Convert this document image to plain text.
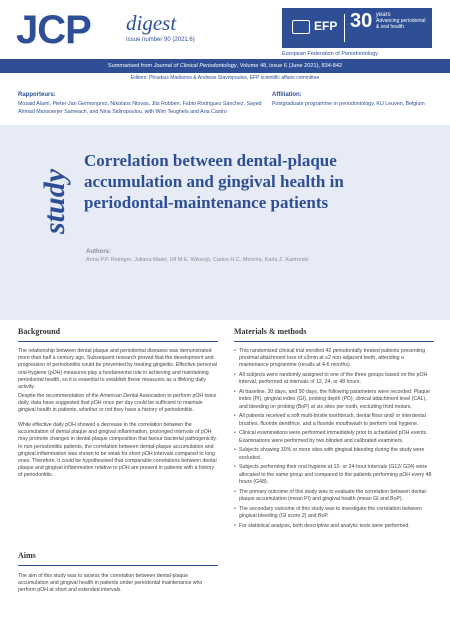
JCP digest
Issue number 90 (2021.6)
EFP 30 years
Advancing periodontal & oral health
European Federation of Periodontology
Summarised from Journal of Clinical Periodontology, Volume 48, issue 6 (June 2021), 834-842
Editors: Phoebus Madianos & Andreas Stavropoulos, EFP scientific affairs committee
Rapporteurs:
Mosaid Alami, Pieter-Jan Germonprez, Nikolaos Ntovas, Jits Robben, Fabio Rodriguez Sánchez, Sayed Ahmad Mansoerjer Sameach, and Nina Sidiropoulou, with Wim Teughels and Ana Castro
Affiliation:
Postgraduate programme in periodontology, KU Leuven, Belgium
study
Correlation between dental-plaque accumulation and gingival health in periodontal-maintenance patients
Authors:
Anna P.P. Reiniger, Juliana Maier, Ulf M.E. Wikesjö, Carlos H.C. Moreira, Karla Z. Kantorski
Background
The relationship between dental plaque and periodontal diseases was demonstrated more than half a century ago. Subsequent research proved that the development and progression of periodontitis could be prevented by treating gingivitis. Effective personal oral-hygiene (pOH) measures play a fundamental role in achieving and maintaining periodontal health, so it is essential to establish these measures as a lifelong daily activity.
Despite the recommendation of the American Dental Association to perform pOH twice daily, data have suggested that pOH once per day could be sufficient to maintain gingival health in patients, whether or not they have a history of periodontitis.
While effective daily pOH showed a decrease in the correlation between the accumulation of dental plaque and gingival inflammation, prolonged intervals of pOH may promote changes in dental-plaque composition that favour bacterial pathogenicity. In non-periodontitis patients, the correlation between dental-plaque accumulation and gingival inflammation was shown to be weak for short pOH intervals compared to long ones. Therefore, it could be hypothesised that comparable correlations between dental plaque and gingival inflammation relative to pOH are present in patients with a history of periodontitis.
Aims
The aim of this study was to assess the correlation between dental-plaque accumulation and gingival health in patients under periodontal maintenance who perform pOH at short and extended intervals.
Materials & methods
• This randomised clinical trial enrolled 42 periodontally treated patients presenting proximal attachment loss of ≥3mm at ≥2 non-adjacent teeth, attending a maintenance programme (recalls at 4-6 months).
• All subjects were randomly assigned to one of the three groups based on the pOH interval, performed at intervals of 12, 24, or 48 hours.
• At baseline, 30 days, and 90 days, the following parameters were recorded: Plaque index (PI), gingival index (GI), probing depth (PD), clinical attachment level (CAL), and bleeding on probing (BoP) at six sites per tooth, excluding third molars.
• All patients received a soft multi-bristle toothbrush, dental floss and/ or interdental brushes, fluoride dentifrice, and a fluoride mouthwash to perform oral hygiene.
• Clinical examinations were performed immediately prior to scheduled pOH events. Examinations were performed by two blinded and calibrated examiners.
• Subjects showing 30% or more sites with gingival bleeding during the study were excluded.
• Subjects performing their oral hygiene at 12- or 24-hour intervals (G12/ G24) were allocated to the same group and compared to the patients performing pOH every 48 hours (G48).
• The primary outcome of this study was to evaluate the correlation between dental-plaque accumulation (mean PI) and gingival health (mean GI and BoP).
• The secondary outcome of this study was to investigate the correlation between gingival bleeding (GI score 2) and BoP.
• For statistical analysis, both descriptive and analytic tests were performed.
